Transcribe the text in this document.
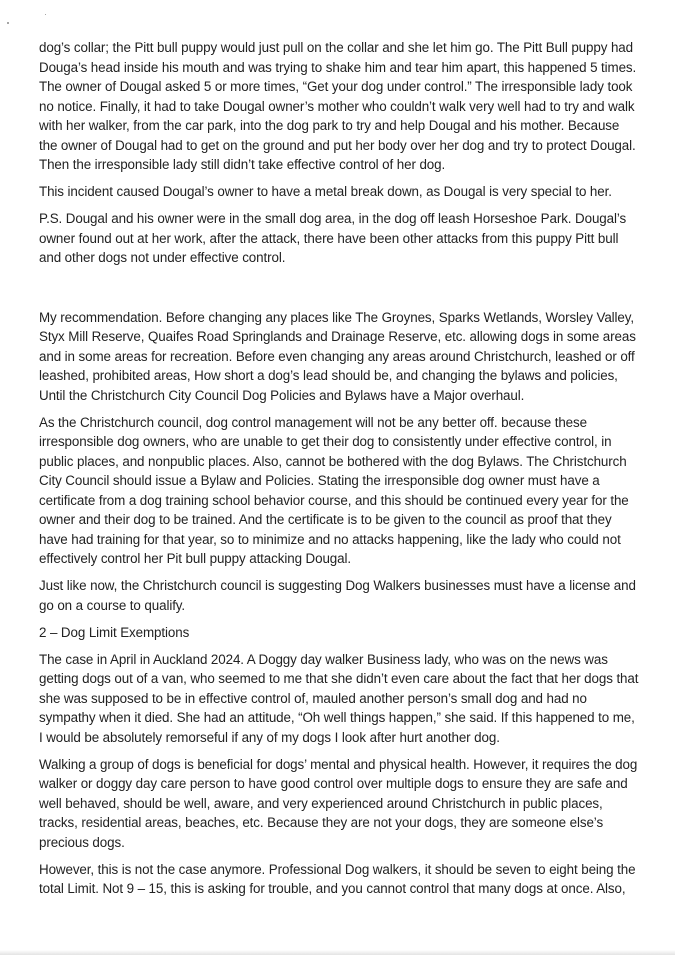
dog’s collar; the Pitt bull puppy would just pull on the collar and she let him go. The Pitt Bull puppy had Douga’s head inside his mouth and was trying to shake him and tear him apart, this happened 5 times. The owner of Dougal asked 5 or more times, “Get your dog under control.” The irresponsible lady took no notice. Finally, it had to take Dougal owner’s mother who couldn’t walk very well had to try and walk with her walker, from the car park, into the dog park to try and help Dougal and his mother. Because the owner of Dougal had to get on the ground and put her body over her dog and try to protect Dougal. Then the irresponsible lady still didn’t take effective control of her dog.

This incident caused Dougal’s owner to have a metal break down, as Dougal is very special to her.

P.S. Dougal and his owner were in the small dog area, in the dog off leash Horseshoe Park. Dougal’s owner found out at her work, after the attack, there have been other attacks from this puppy Pitt bull and other dogs not under effective control.

My recommendation. Before changing any places like The Groynes, Sparks Wetlands, Worsley Valley, Styx Mill Reserve, Quaifes Road Springlands and Drainage Reserve, etc. allowing dogs in some areas and in some areas for recreation. Before even changing any areas around Christchurch, leashed or off leashed, prohibited areas, How short a dog’s lead should be, and changing the bylaws and policies, Until the Christchurch City Council Dog Policies and Bylaws have a Major overhaul.

As the Christchurch council, dog control management will not be any better off. because these irresponsible dog owners, who are unable to get their dog to consistently under effective control, in public places, and nonpublic places. Also, cannot be bothered with the dog Bylaws. The Christchurch City Council should issue a Bylaw and Policies. Stating the irresponsible dog owner must have a certificate from a dog training school behavior course, and this should be continued every year for the owner and their dog to be trained. And the certificate is to be given to the council as proof that they have had training for that year, so to minimize and no attacks happening, like the lady who could not effectively control her Pit bull puppy attacking Dougal.

Just like now, the Christchurch council is suggesting Dog Walkers businesses must have a license and go on a course to qualify.

2 – Dog Limit Exemptions

The case in April in Auckland 2024. A Doggy day walker Business lady, who was on the news was getting dogs out of a van, who seemed to me that she didn’t even care about the fact that her dogs that she was supposed to be in effective control of, mauled another person’s small dog and had no sympathy when it died. She had an attitude, “Oh well things happen,” she said. If this happened to me, I would be absolutely remorseful if any of my dogs I look after hurt another dog.

Walking a group of dogs is beneficial for dogs’ mental and physical health. However, it requires the dog walker or doggy day care person to have good control over multiple dogs to ensure they are safe and well behaved, should be well, aware, and very experienced around Christchurch in public places, tracks, residential areas, beaches, etc. Because they are not your dogs, they are someone else’s precious dogs.

However, this is not the case anymore. Professional Dog walkers, it should be seven to eight being the total Limit. Not 9 – 15, this is asking for trouble, and you cannot control that many dogs at once. Also,
